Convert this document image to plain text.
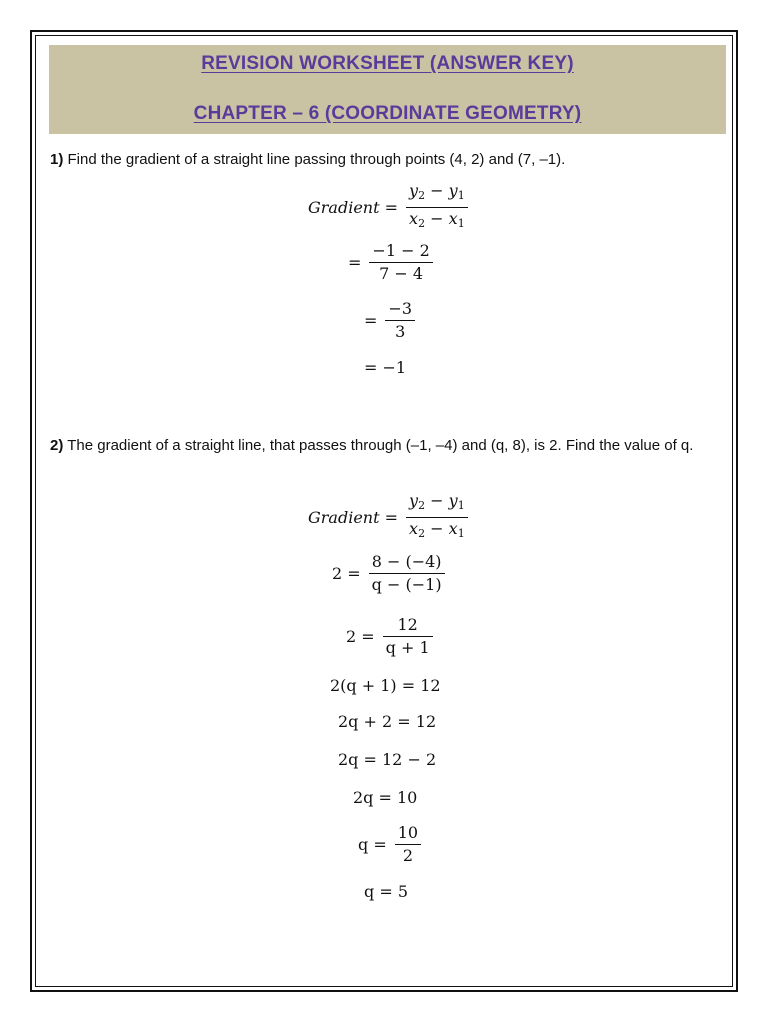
REVISION WORKSHEET (ANSWER KEY)
CHAPTER – 6 (COORDINATE GEOMETRY)
1) Find the gradient of a straight line passing through points (4, 2) and (7, –1).
Gradient = $\frac{y_2 - y_1}{x_2 - x_1}$
= $\frac{-1 - 2}{7 - 4}$
= $\frac{-3}{3}$
= −1
2) The gradient of a straight line, that passes through (–1, –4) and (q, 8), is 2. Find the value of q.
Gradient = $\frac{y_2 - y_1}{x_2 - x_1}$
$2 = \frac{8 - (-4)}{q - (-1)}$
$2 = \frac{12}{q + 1}$
2(q + 1) = 12
2q + 2 = 12
2q = 12 − 2
2q = 10
$q = \frac{10}{2}$
q = 5
